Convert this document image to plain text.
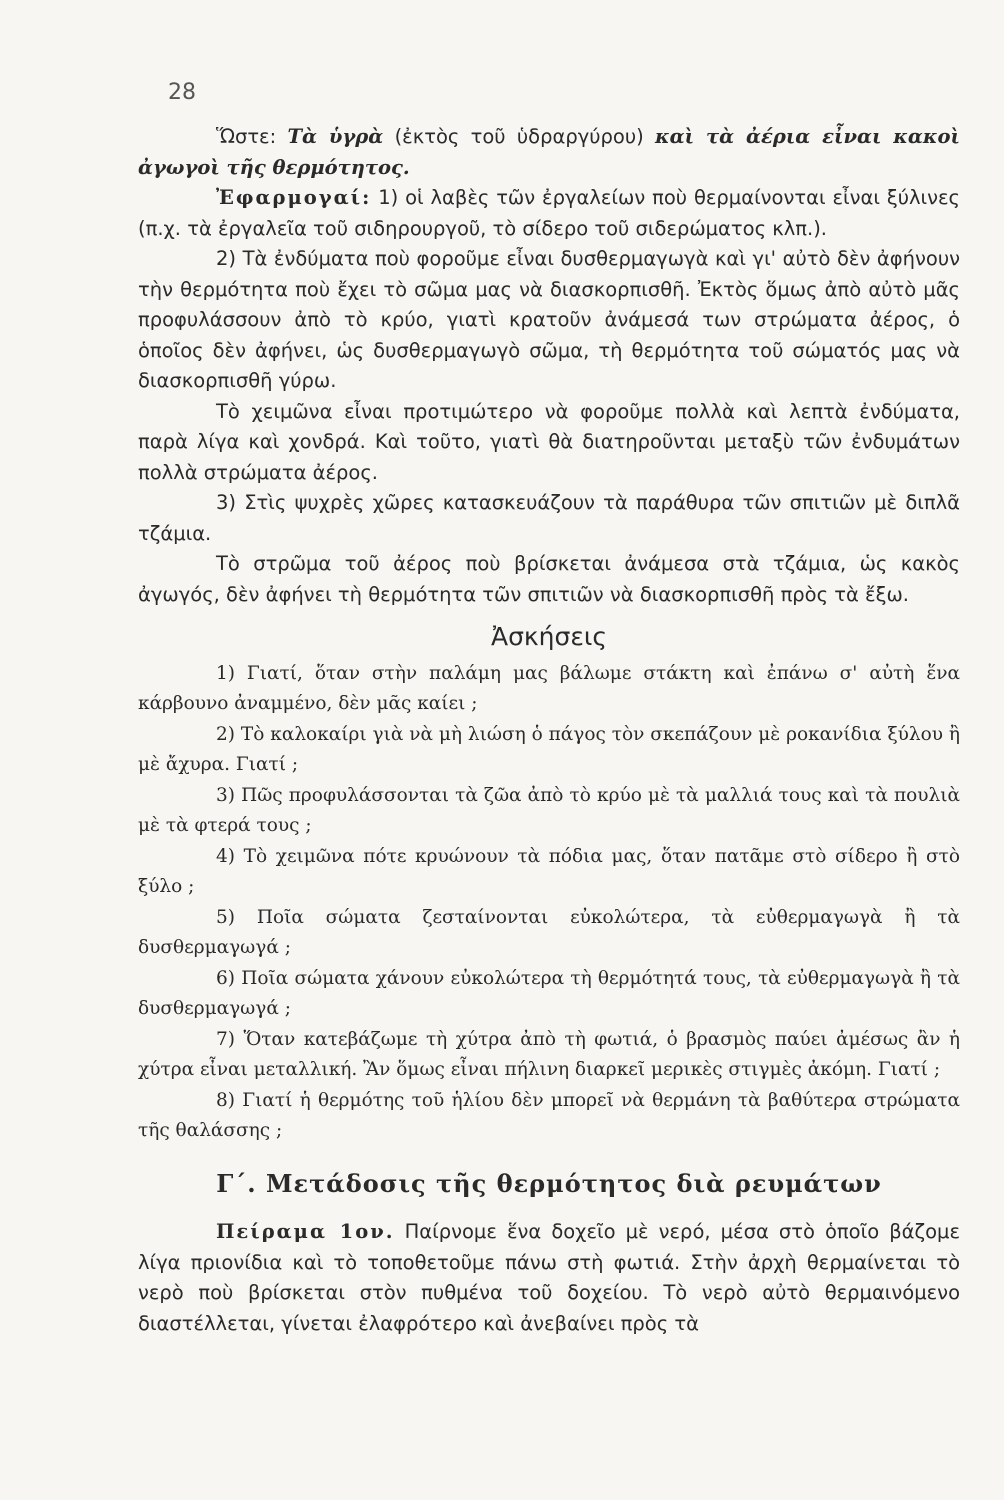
28

Ὥστε: Τὰ ὑγρὰ (ἐκτὸς τοῦ ὑδραργύρου) καὶ τὰ ἀέρια εἶναι κακοὶ ἀγωγοὶ τῆς θερμότητος.

Ἐφαρμογαί: 1) οἱ λαβὲς τῶν ἐργαλείων ποὺ θερμαίνονται εἶναι ξύλινες (π.χ. τὰ ἐργαλεῖα τοῦ σιδηρουργοῦ, τὸ σίδερο τοῦ σιδερώματος κλπ.).

2) Τὰ ἐνδύματα ποὺ φοροῦμε εἶναι δυσθερμαγωγὰ καὶ γι' αὐτὸ δὲν ἀφήνουν τὴν θερμότητα ποὺ ἔχει τὸ σῶμα μας νὰ διασκορπισθῆ. Ἐκτὸς ὅμως ἀπὸ αὐτὸ μᾶς προφυλάσσουν ἀπὸ τὸ κρύο, γιατὶ κρατοῦν ἀνάμεσά των στρώματα ἀέρος, ὁ ὁποῖος δὲν ἀφήνει, ὡς δυσθερμαγωγὸ σῶμα, τὴ θερμότητα τοῦ σώματός μας νὰ διασκορπισθῆ γύρω.

Τὸ χειμῶνα εἶναι προτιμώτερο νὰ φοροῦμε πολλὰ καὶ λεπτὰ ἐνδύματα, παρὰ λίγα καὶ χονδρά. Καὶ τοῦτο, γιατὶ θὰ διατηροῦνται μεταξὺ τῶν ἐνδυμάτων πολλὰ στρώματα ἀέρος.

3) Στὶς ψυχρὲς χῶρες κατασκευάζουν τὰ παράθυρα τῶν σπιτιῶν μὲ διπλᾶ τζάμια.

Τὸ στρῶμα τοῦ ἀέρος ποὺ βρίσκεται ἀνάμεσα στὰ τζάμια, ὡς κακὸς ἀγωγός, δὲν ἀφήνει τὴ θερμότητα τῶν σπιτιῶν νὰ διασκορπισθῆ πρὸς τὰ ἔξω.

Ἀσκήσεις

1) Γιατί, ὅταν στὴν παλάμη μας βάλωμε στάκτη καὶ ἐπάνω σ' αὐτὴ ἕνα κάρβουνο ἀναμμένο, δὲν μᾶς καίει ;

2) Τὸ καλοκαίρι γιὰ νὰ μὴ λιώση ὁ πάγος τὸν σκεπάζουν μὲ ροκανίδια ξύλου ἢ μὲ ἄχυρα. Γιατί ;

3) Πῶς προφυλάσσονται τὰ ζῶα ἀπὸ τὸ κρύο μὲ τὰ μαλλιά τους καὶ τὰ πουλιὰ μὲ τὰ φτερά τους ;

4) Τὸ χειμῶνα πότε κρυώνουν τὰ πόδια μας, ὅταν πατᾶμε στὸ σίδερο ἢ στὸ ξύλο ;

5) Ποῖα σώματα ζεσταίνονται εὐκολώτερα, τὰ εὐθερμαγωγὰ ἢ τὰ δυσθερμαγωγά ;

6) Ποῖα σώματα χάνουν εὐκολώτερα τὴ θερμότητά τους, τὰ εὐθερμαγωγὰ ἢ τὰ δυσθερμαγωγά ;

7) Ὅταν κατεβάζωμε τὴ χύτρα ἀπὸ τὴ φωτιά, ὁ βρασμὸς παύει ἀμέσως ἂν ἡ χύτρα εἶναι μεταλλική. Ἂν ὅμως εἶναι πήλινη διαρκεῖ μερικὲς στιγμὲς ἀκόμη. Γιατί ;

8) Γιατί ἡ θερμότης τοῦ ἡλίου δὲν μπορεῖ νὰ θερμάνη τὰ βαθύτερα στρώματα τῆς θαλάσσης ;

Γ΄. Μετάδοσις τῆς θερμότητος διὰ ρευμάτων

Πείραμα 1ον. Παίρνομε ἕνα δοχεῖο μὲ νερό, μέσα στὸ ὁποῖο βάζομε λίγα πριονίδια καὶ τὸ τοποθετοῦμε πάνω στὴ φωτιά. Στὴν ἀρχὴ θερμαίνεται τὸ νερὸ ποὺ βρίσκεται στὸν πυθμένα τοῦ δοχείου. Τὸ νερὸ αὐτὸ θερμαινόμενο διαστέλλεται, γίνεται ἐλαφρότερο καὶ ἀνεβαίνει πρὸς τὰ
